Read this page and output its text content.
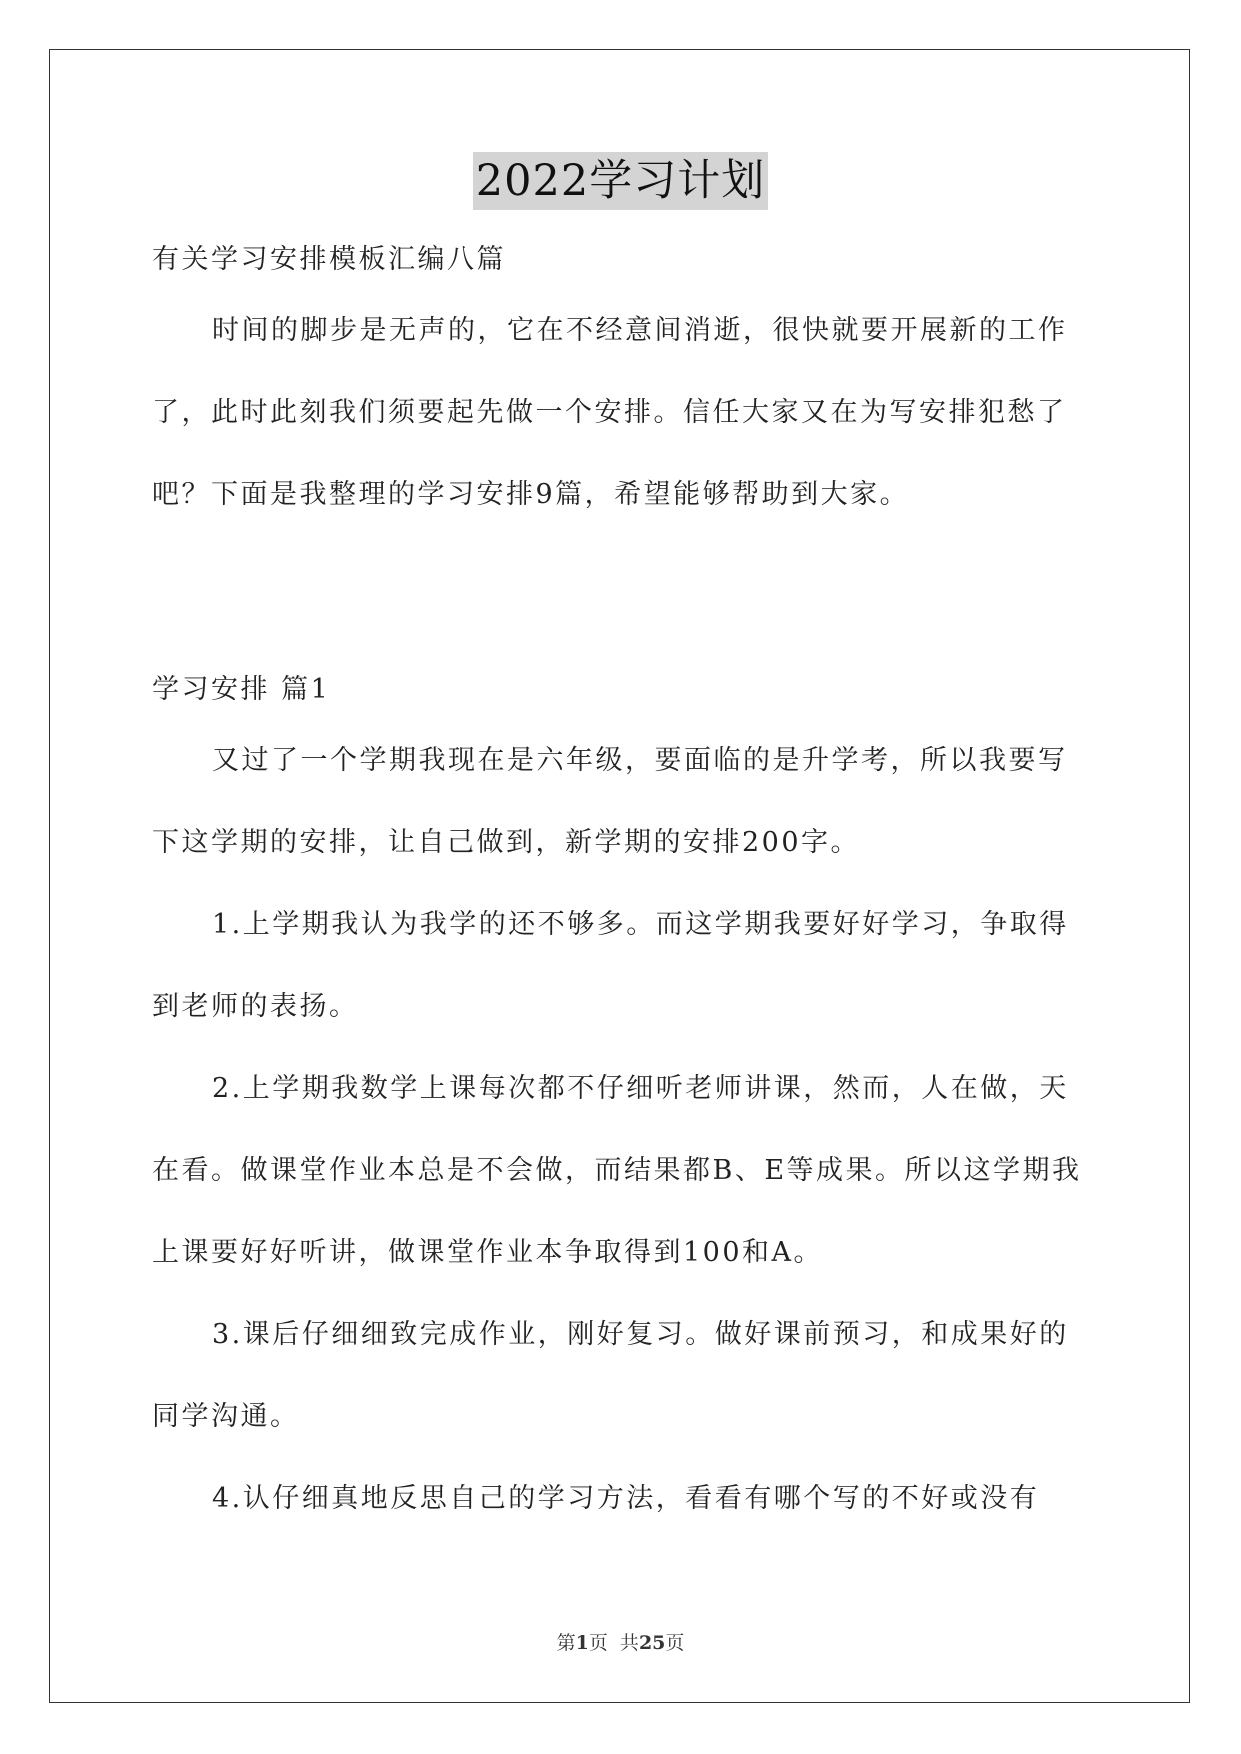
2022学习计划
有关学习安排模板汇编八篇

时间的脚步是无声的，它在不经意间消逝，很快就要开展新的工作了，此时此刻我们须要起先做一个安排。信任大家又在为写安排犯愁了吧？下面是我整理的学习安排9篇，希望能够帮助到大家。

学习安排 篇1

又过了一个学期我现在是六年级，要面临的是升学考，所以我要写下这学期的安排，让自己做到，新学期的安排200字。

1.上学期我认为我学的还不够多。而这学期我要好好学习，争取得到老师的表扬。

2.上学期我数学上课每次都不仔细听老师讲课，然而，人在做，天在看。做课堂作业本总是不会做，而结果都B、E等成果。所以这学期我上课要好好听讲，做课堂作业本争取得到100和A。

3.课后仔细细致完成作业，刚好复习。做好课前预习，和成果好的同学沟通。

4.认仔细真地反思自己的学习方法，看看有哪个写的不好或没有

第1页  共25页
